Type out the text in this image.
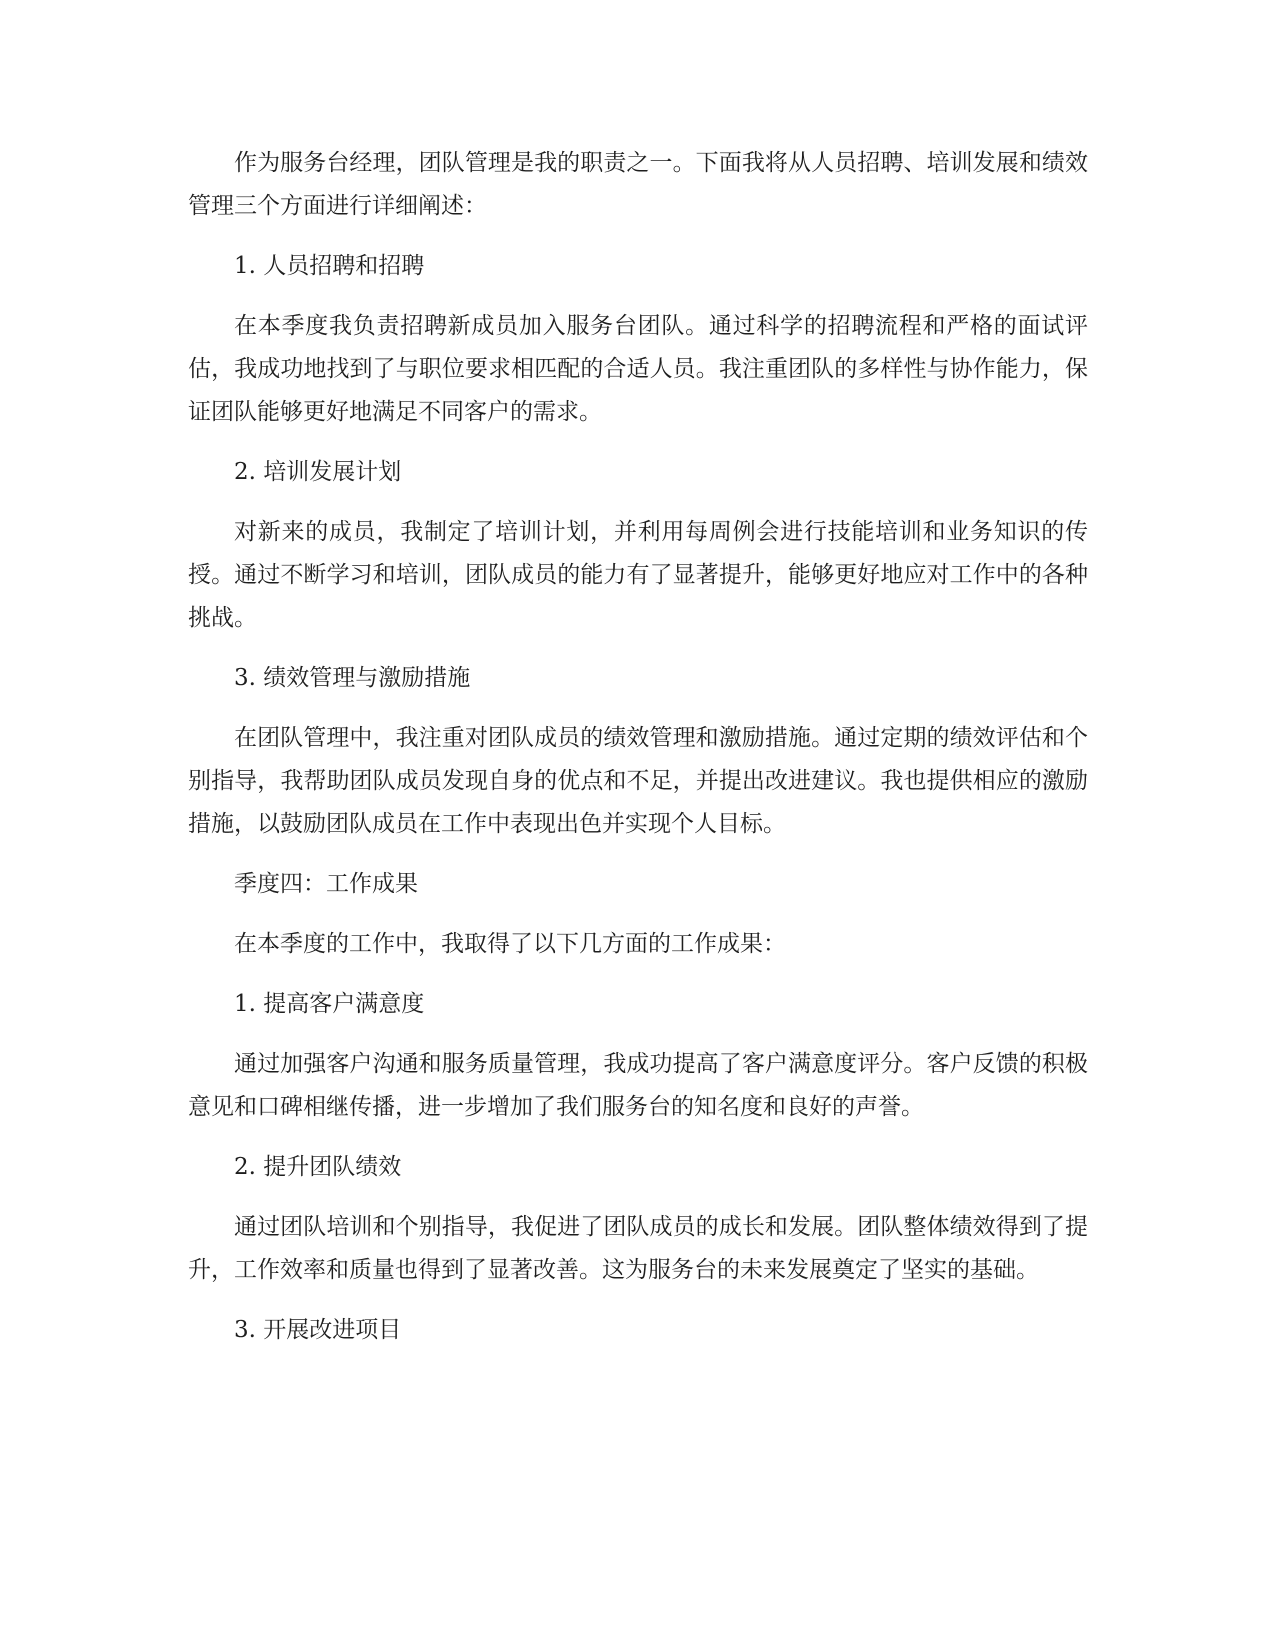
作为服务台经理，团队管理是我的职责之一。下面我将从人员招聘、培训发展和绩效管理三个方面进行详细阐述：

1. 人员招聘和招聘

在本季度我负责招聘新成员加入服务台团队。通过科学的招聘流程和严格的面试评估，我成功地找到了与职位要求相匹配的合适人员。我注重团队的多样性与协作能力，保证团队能够更好地满足不同客户的需求。

2. 培训发展计划

对新来的成员，我制定了培训计划，并利用每周例会进行技能培训和业务知识的传授。通过不断学习和培训，团队成员的能力有了显著提升，能够更好地应对工作中的各种挑战。

3. 绩效管理与激励措施

在团队管理中，我注重对团队成员的绩效管理和激励措施。通过定期的绩效评估和个别指导，我帮助团队成员发现自身的优点和不足，并提出改进建议。我也提供相应的激励措施，以鼓励团队成员在工作中表现出色并实现个人目标。

季度四：工作成果

在本季度的工作中，我取得了以下几方面的工作成果：

1. 提高客户满意度

通过加强客户沟通和服务质量管理，我成功提高了客户满意度评分。客户反馈的积极意见和口碑相继传播，进一步增加了我们服务台的知名度和良好的声誉。

2. 提升团队绩效

通过团队培训和个别指导，我促进了团队成员的成长和发展。团队整体绩效得到了提升，工作效率和质量也得到了显著改善。这为服务台的未来发展奠定了坚实的基础。

3. 开展改进项目
